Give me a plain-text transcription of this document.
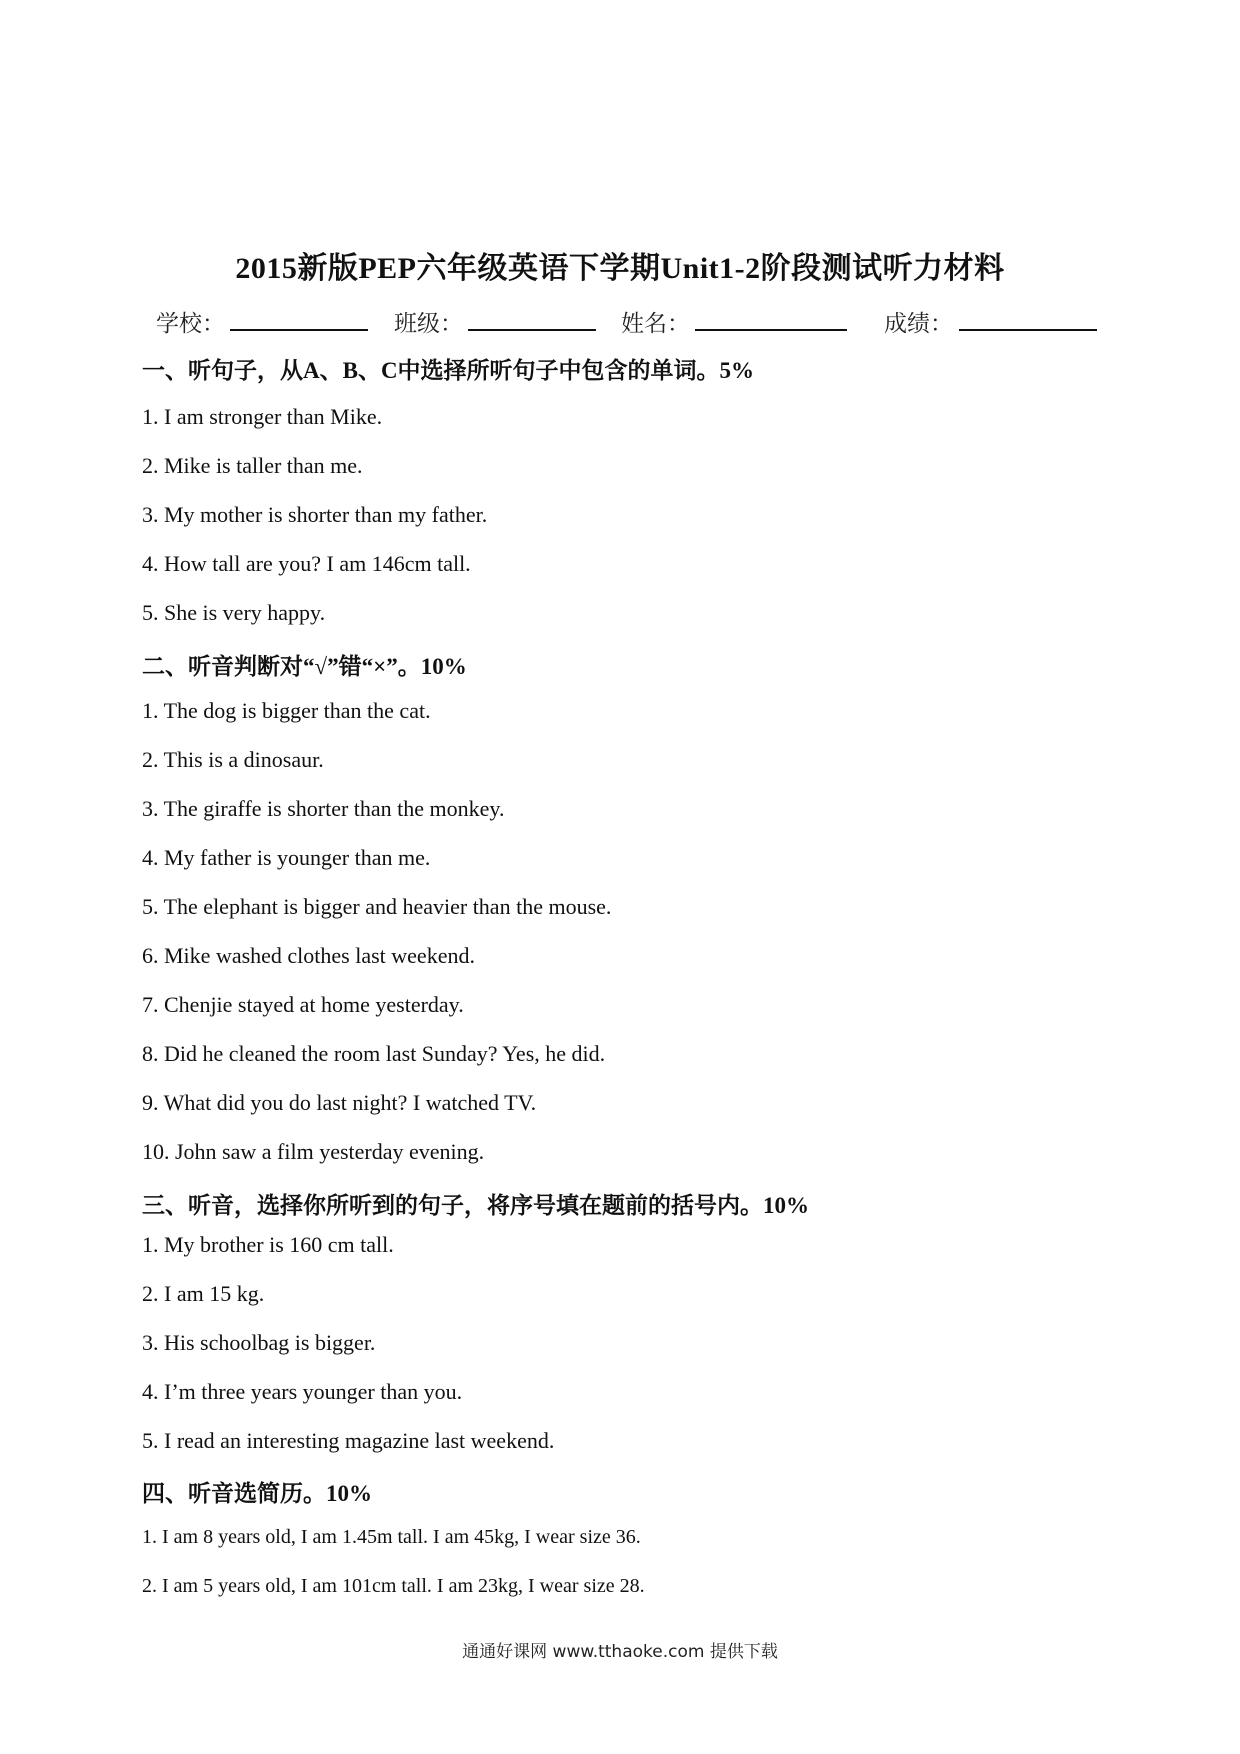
2015新版PEP六年级英语下学期Unit1-2阶段测试听力材料
学校：	班级：	姓名：	成绩：
一、听句子，从A、B、C中选择所听句子中包含的单词。5%
1. I am stronger than Mike.
2. Mike is taller than me.
3. My mother is shorter than my father.
4. How tall are you? I am 146cm tall.
5. She is very happy.
二、听音判断对“√”错“×”。10%
1. The dog is bigger than the cat.
2. This is a dinosaur.
3. The giraffe is shorter than the monkey.
4. My father is younger than me.
5. The elephant is bigger and heavier than the mouse.
6. Mike washed clothes last weekend.
7. Chenjie stayed at home yesterday.
8. Did he cleaned the room last Sunday? Yes, he did.
9. What did you do last night? I watched TV.
10. John saw a film yesterday evening.
三、听音，选择你所听到的句子，将序号填在题前的括号内。10%
1. My brother is 160 cm tall.
2. I am 15 kg.
3. His schoolbag is bigger.
4. I’m three years younger than you.
5. I read an interesting magazine last weekend.
四、听音选简历。10%
1. I am 8 years old, I am 1.45m tall. I am 45kg, I wear size 36.
2. I am 5 years old, I am 101cm tall. I am 23kg, I wear size 28.
通通好课网 www.tthaoke.com 提供下载
